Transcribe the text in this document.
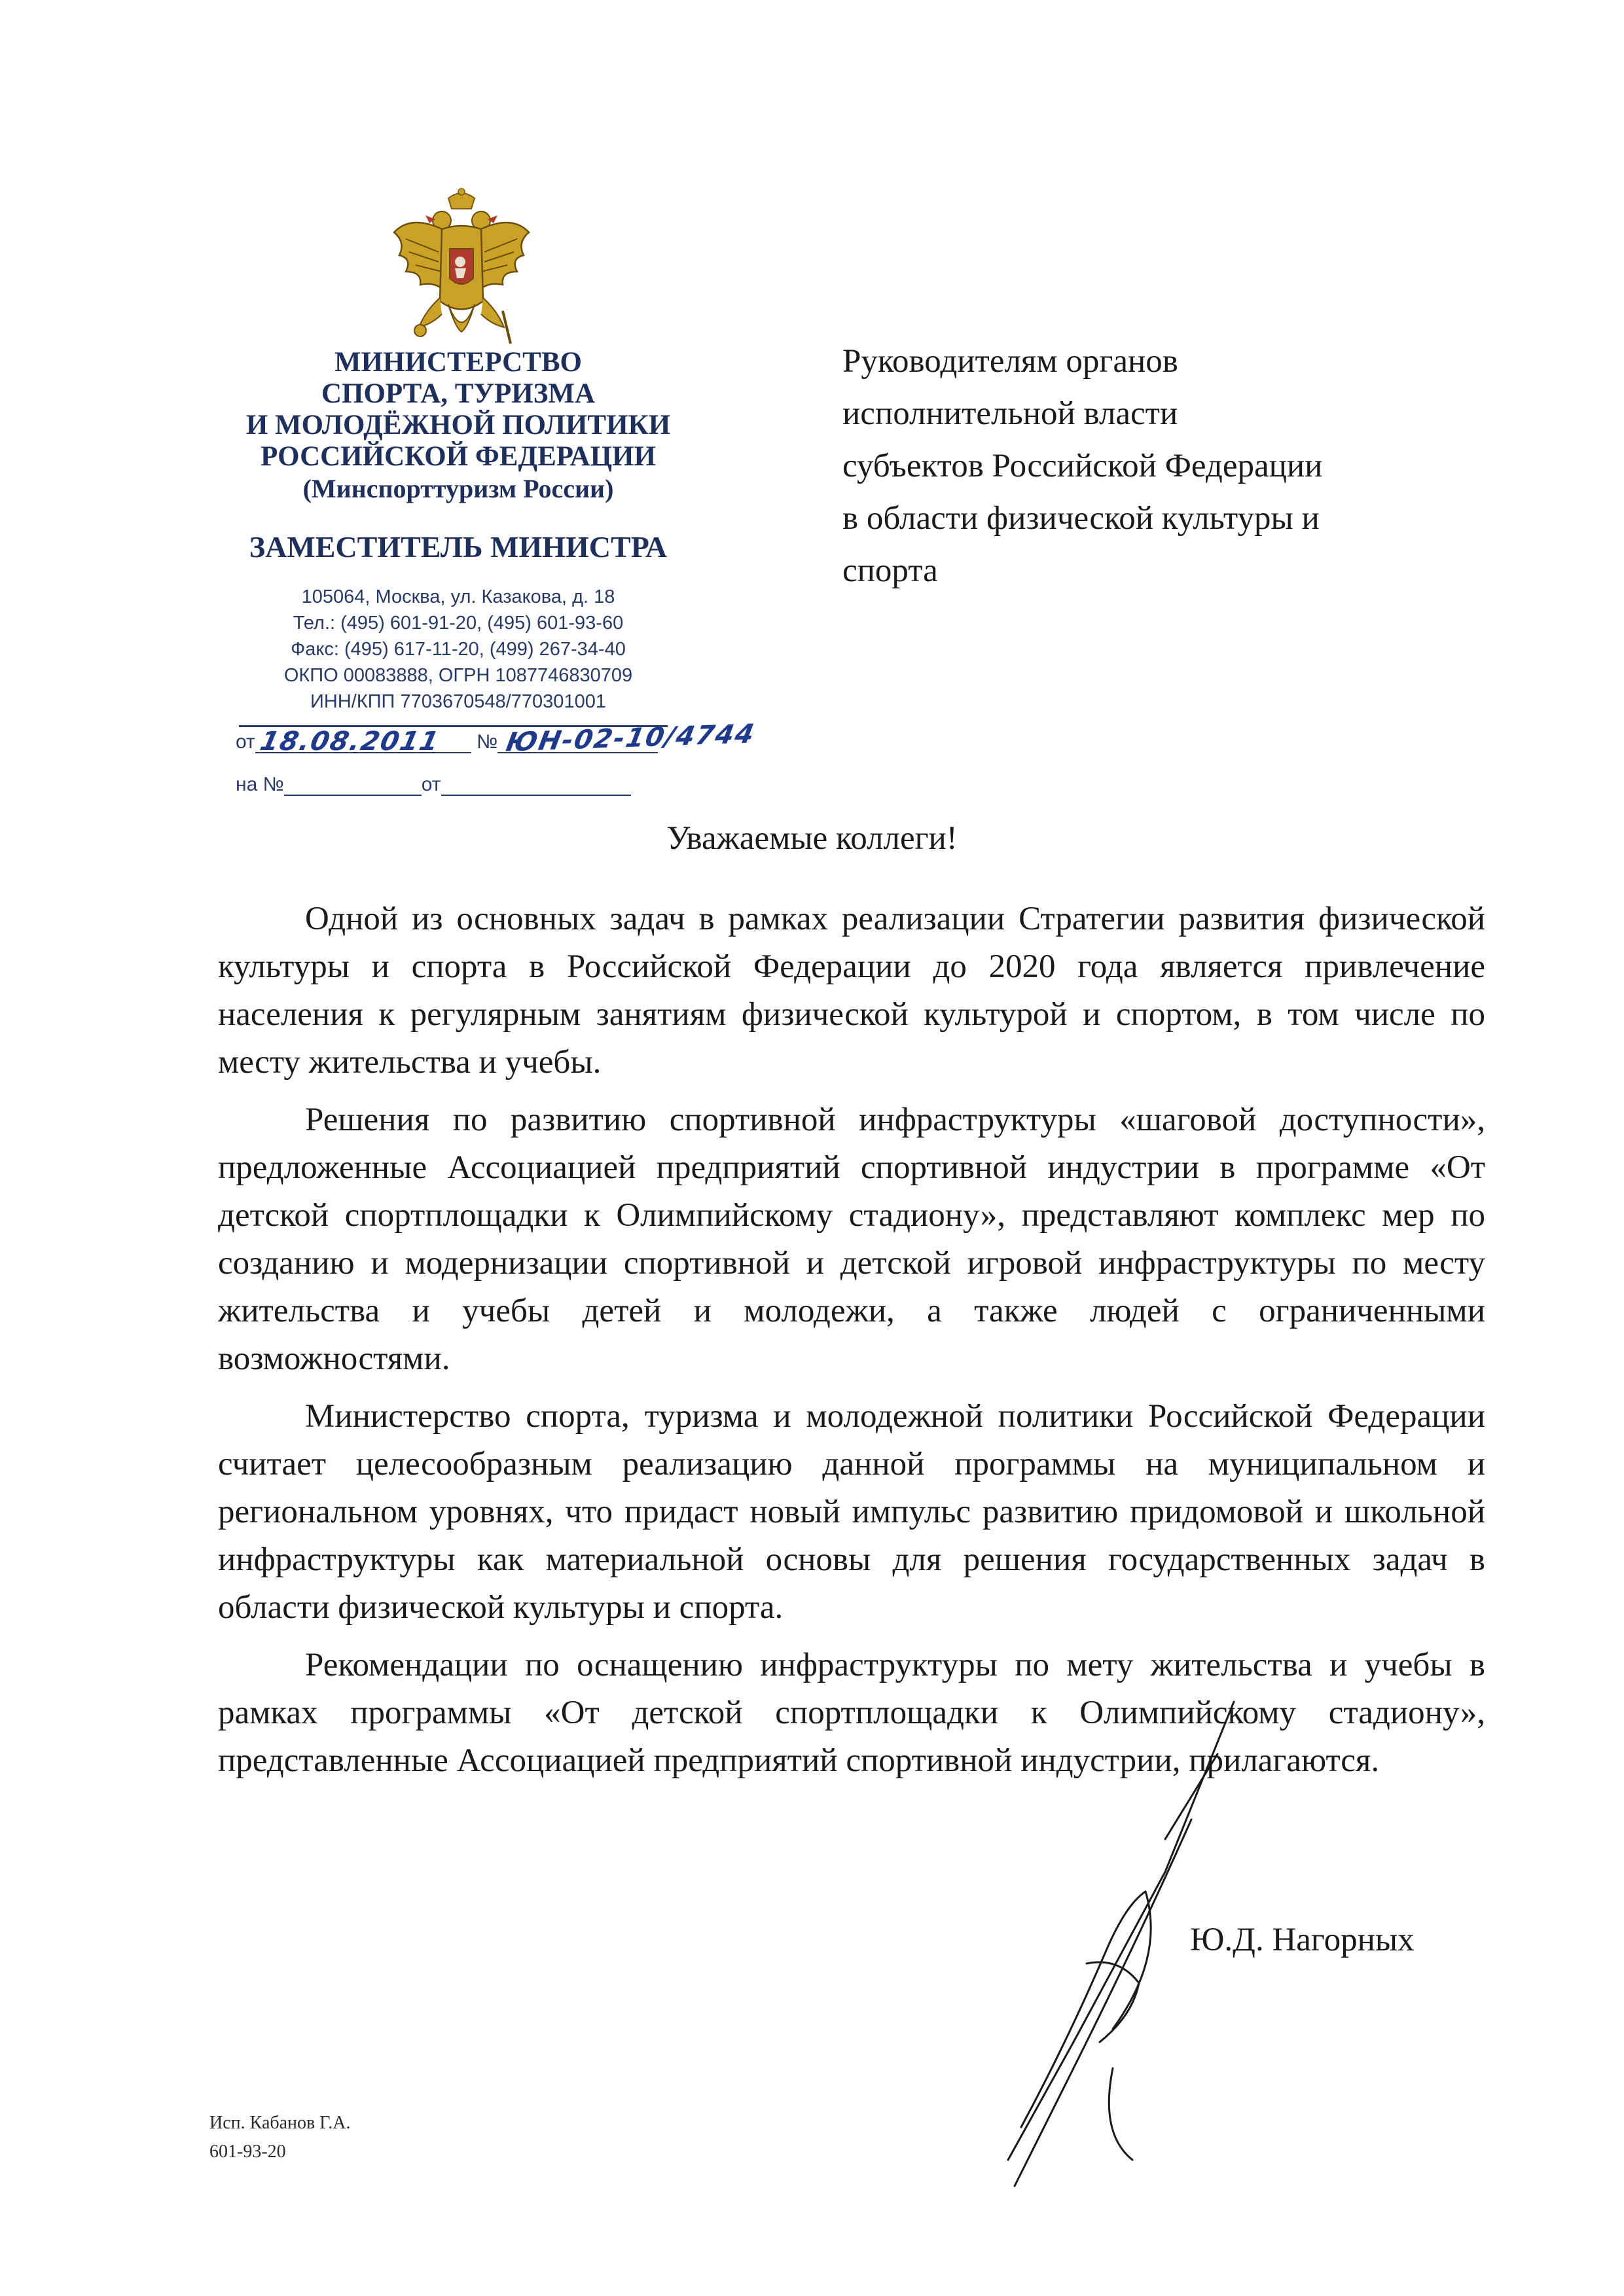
МИНИСТЕРСТВО
СПОРТА, ТУРИЗМА
И МОЛОДЁЖНОЙ ПОЛИТИКИ
РОССИЙСКОЙ ФЕДЕРАЦИИ
(Минспорттуризм России)
ЗАМЕСТИТЕЛЬ МИНИСТРА
105064, Москва, ул. Казакова, д. 18
Тел.: (495) 601-91-20, (495) 601-93-60
Факс: (495) 617-11-20, (499) 267-34-40
ОКПО 00083888, ОГРН 1087746830709
ИНН/КПП 7703670548/770301001
от	№
18.08.2011 ЮН-02-10/4744
на №	от
Руководителям органов
исполнительной власти
субъектов Российской Федерации
в области физической культуры и
спорта
Уважаемые коллеги!

Одной из основных задач в рамках реализации Стратегии развития физической культуры и спорта в Российской Федерации до 2020 года является привлечение населения к регулярным занятиям физической культурой и спортом, в том числе по месту жительства и учебы.

Решения по развитию спортивной инфраструктуры «шаговой доступности», предложенные Ассоциацией предприятий спортивной индустрии в программе «От детской спортплощадки к Олимпийскому стадиону», представляют комплекс мер по созданию и модернизации спортивной и детской игровой инфраструктуры по месту жительства и учебы детей и молодежи, а также людей с ограниченными возможностями.

Министерство спорта, туризма и молодежной политики Российской Федерации считает целесообразным реализацию данной программы на муниципальном и региональном уровнях, что придаст новый импульс развитию придомовой и школьной инфраструктуры как материальной основы для решения государственных задач в области физической культуры и спорта.

Рекомендации по оснащению инфраструктуры по мету жительства и учебы в рамках программы «От детской спортплощадки к Олимпийскому стадиону», представленные Ассоциацией предприятий спортивной индустрии, прилагаются.

Ю.Д. Нагорных
Исп. Кабанов Г.А.
601-93-20
